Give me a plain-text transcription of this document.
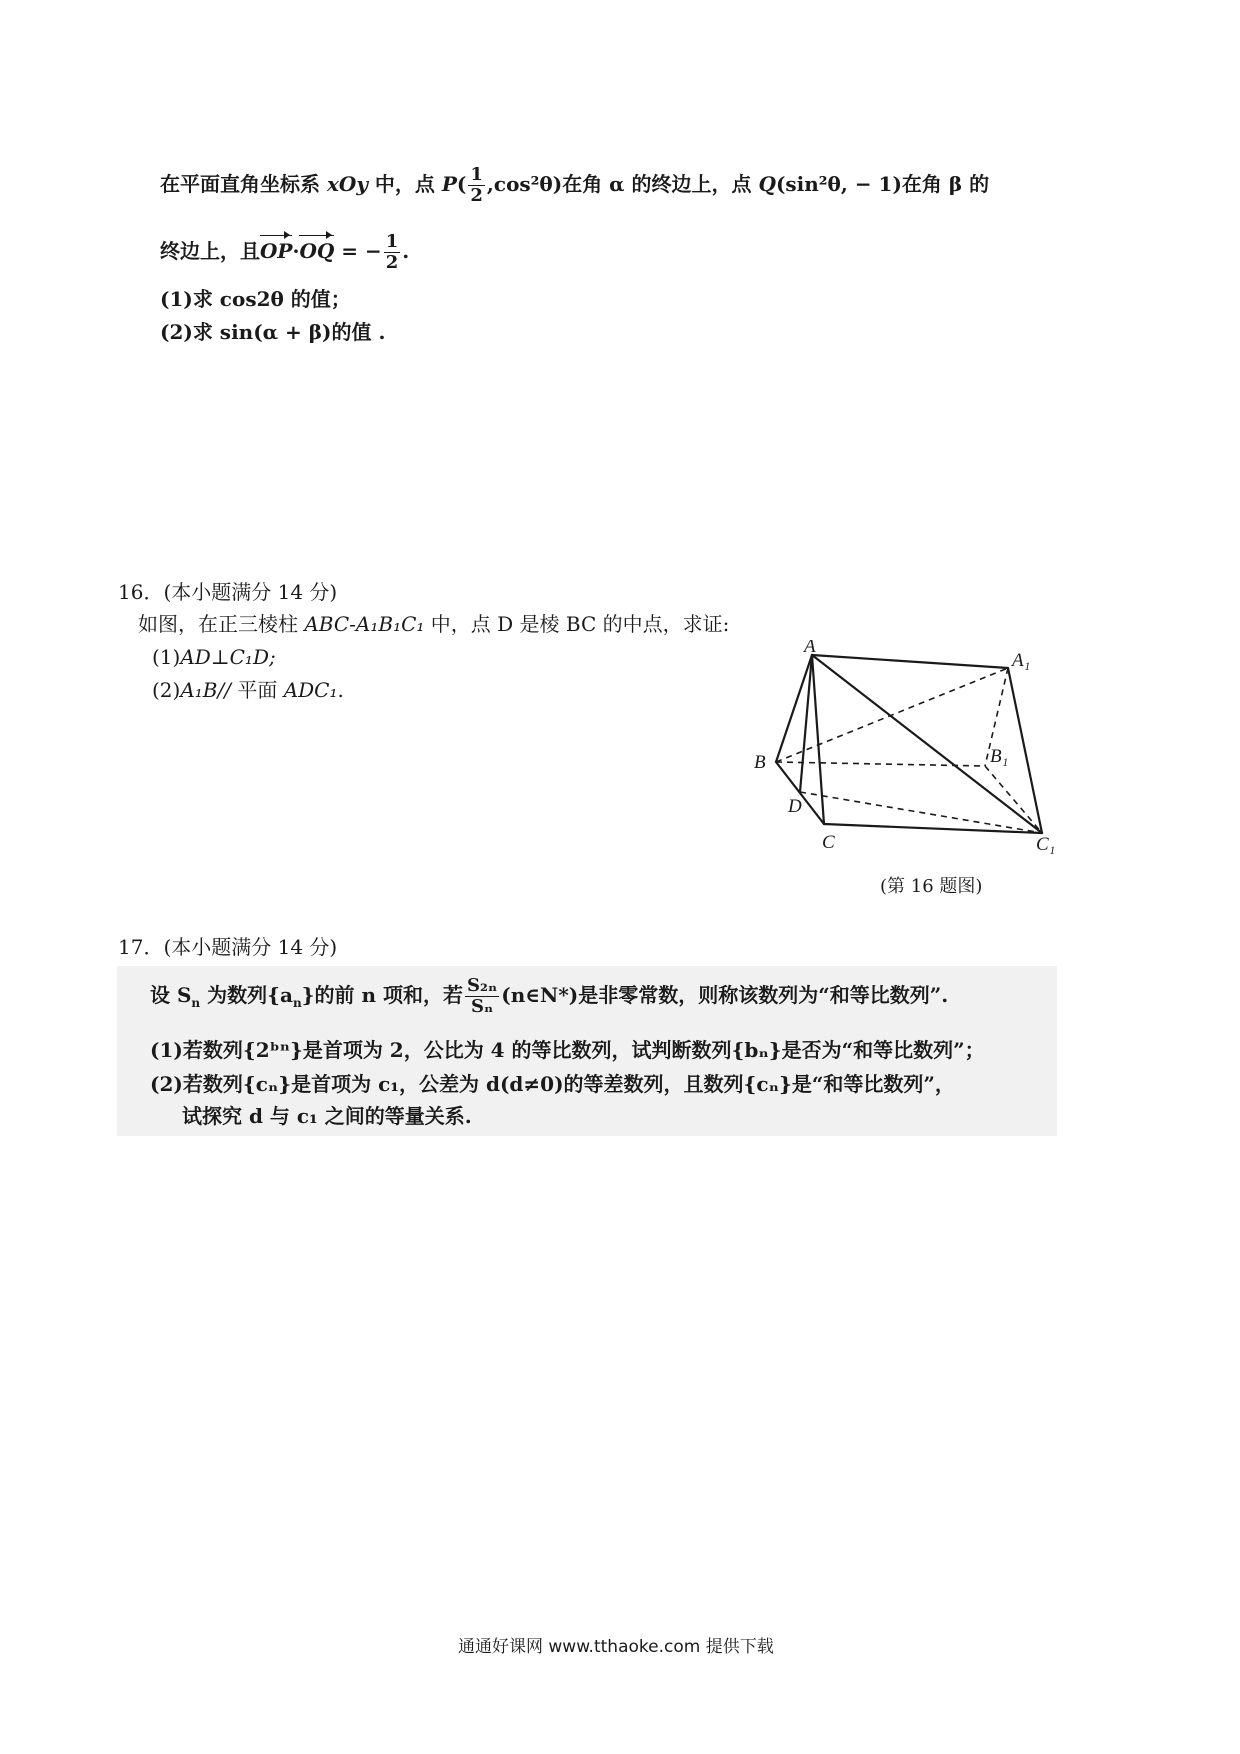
在平面直角坐标系 xOy 中，点 $P( \frac{1}{2} ,\cos^2\theta)$在角 α 的终边上，点 Q(sin²θ, − 1)在角 β 的
终边上，且OP·OQ = − $\frac{1}{2}$ .
(1)求 cos2θ 的值；
(2)求 sin(α + β)的值 .
16．(本小题满分 14 分)
如图，在正三棱柱 ABC-A₁B₁C₁ 中，点 D 是棱 BC 的中点，求证:
(1)AD⊥C₁D;
(2)A₁B// 平面 ADC₁.
A
A₁
B	B₁
D
C	C₁
(第 16 题图)
17．(本小题满分 14 分)
设 $S_n$ 为数列$\{a_n\}$的前 n 项和，若 $\frac{\text{S₂ₙ}}{\text{Sₙ}}$ (n∈N*)是非零常数，则称该数列为“和等比数列”.
(1)若数列{2ᵇⁿ}是首项为 2，公比为 4 的等比数列，试判断数列{bₙ}是否为“和等比数列”；
(2)若数列{cₙ}是首项为 c₁，公差为 d(d≠0)的等差数列，且数列{cₙ}是“和等比数列”，
试探究 d 与 c₁ 之间的等量关系.
通通好课网 www.tthaoke.com 提供下载
